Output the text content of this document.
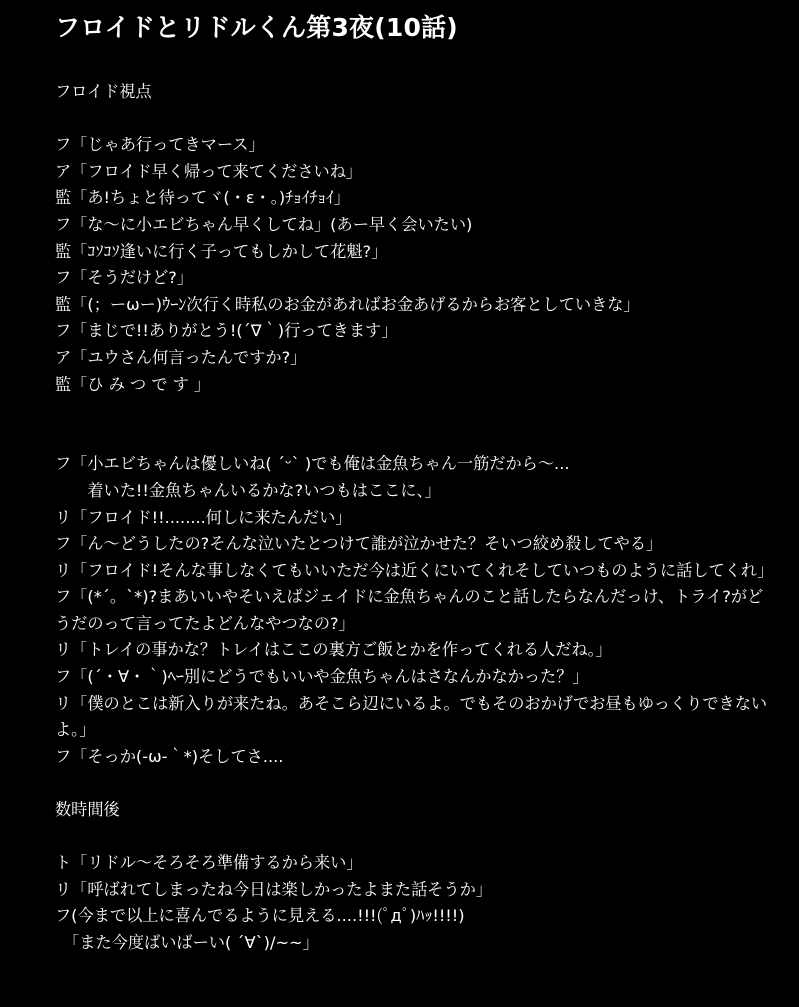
フロイドとリドルくん第3夜(10話)
フロイド視点
フ「じゃあ行ってきマース」
ア「フロイド早く帰って来てくださいね」
監「あ!ちょと待ってヾ(・ε・。)ﾁｮｲﾁｮｲ」
フ「な〜に小エビちゃん早くしてね」(あー早く会いたい)
監「ｺｿｺｿ逢いに行く子ってもしかして花魁?」
フ「そうだけど?」
監「(；ーωー)ｳｰﾝ次行く時私のお金があればお金あげるからお客としていきな」
フ「まじで!!ありがとう!(´∇｀)行ってきます」
ア「ユウさん何言ったんですか?」
監「ひ み つ で す 」
フ「小エビちゃんは優しいね( ´ᵕ` )でも俺は金魚ちゃん一筋だから〜...
　　着いた!!金魚ちゃんいるかな?いつもはここに、」
リ「フロイド!!........何しに来たんだい」
フ「ん〜どうしたの?そんな泣いたとつけて誰が泣かせた？そいつ絞め殺してやる」
リ「フロイド!そんな事しなくてもいいただ今は近くにいてくれそしていつものように話してくれ」
フ「(*´。`*)?まあいいやそいえばジェイドに金魚ちゃんのこと話したらなんだっけ、トライ?がどうだのって言ってたよどんなやつなの?」
リ「トレイの事かな？トレイはここの裏方ご飯とかを作ってくれる人だね。」
フ「(´・∀・｀)ﾍｰ別にどうでもいいや金魚ちゃんはさなんかなかった？」
リ「僕のとこは新入りが来たね。あそこら辺にいるよ。でもそのおかげでお昼もゆっくりできないよ。」
フ「そっか(-ω-｀*)そしてさ....
数時間後
ト「リドル〜そろそろ準備するから来い」
リ「呼ばれてしまったね今日は楽しかったよまた話そうか」
フ(今まで以上に喜んでるように見える....!!!(ﾟдﾟ)ﾊｯ!!!!)
　「また今度ばいばーい( ´∀`)/~~」
